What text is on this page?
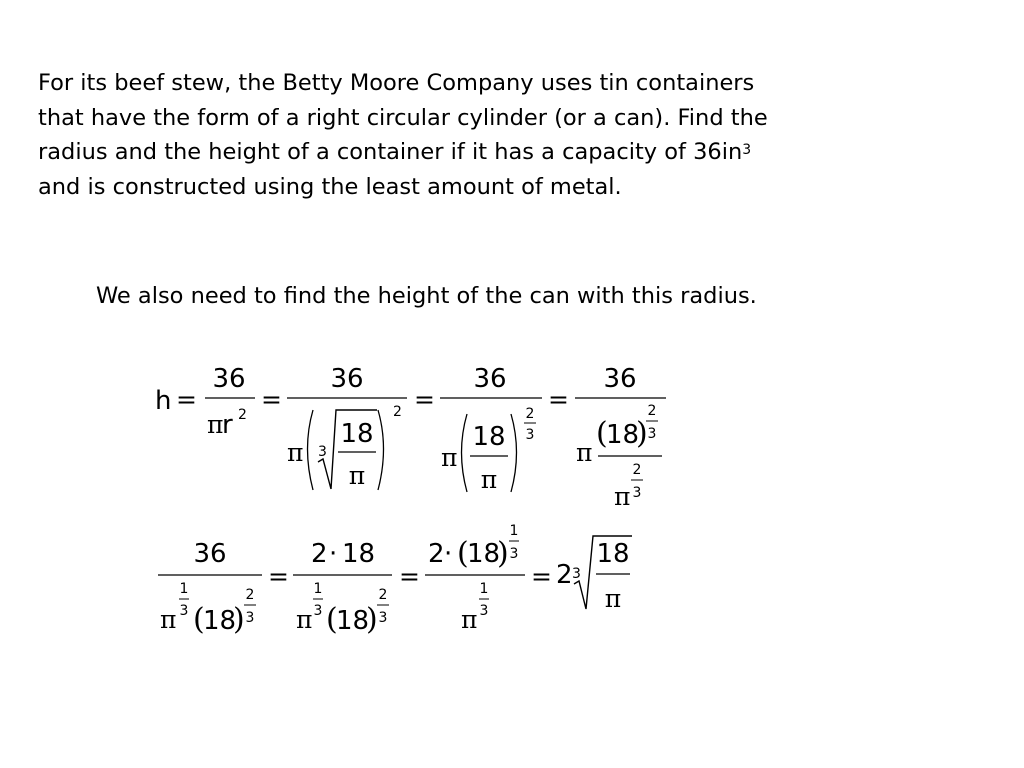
For its beef stew, the Betty Moore Company uses tin containers
that have the form of a right circular cylinder (or a can). Find the
radius and the height of a container if it has a capacity of $36in^3$
and is constructed using the least amount of metal.

We also need to find the height of the can with this radius.

h =
36
π
r 2
=
36
π 3
18
π
2 =
36
π
18
π
2
3
=
36
π
(
18
)
2
3
π
2
3
36
π
1
3 (
18
)
2
3
=
2 · 18
π
1
3 (
18
)
2
3
=
2 · (
18
)
1
3
π
1
3
= 2 3
18
π
